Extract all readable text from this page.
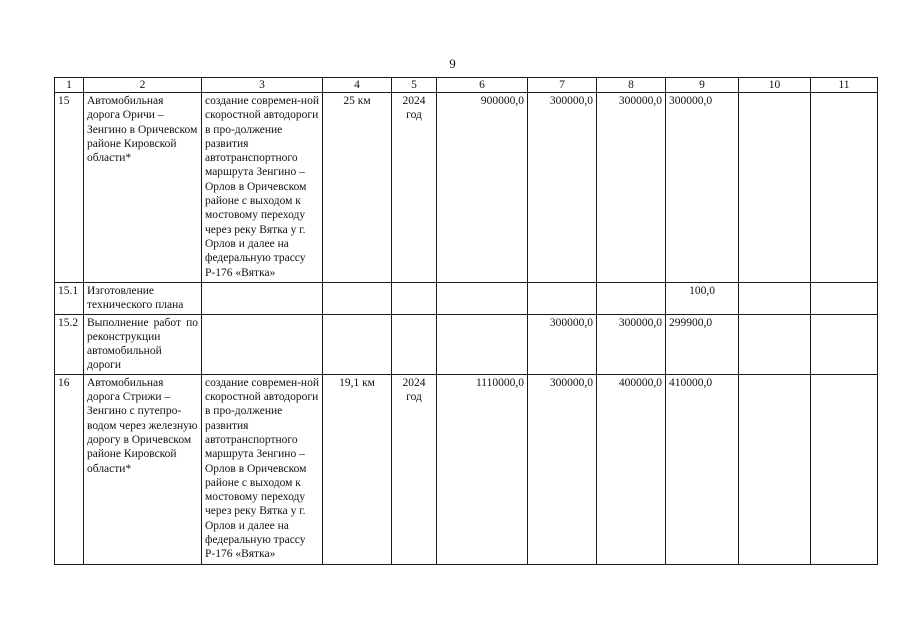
9
1	2	3	4	5	6	7	8	9	10	11
15	Автомобильная дорога Оричи – Зенгино в Оричевском районе Кировской области*	создание современ-ной скоростной автодороги в про-должение развития автотранспортного маршрута Зенгино – Орлов в Оричевском районе с выходом к мостовому переходу через реку Вятка у г. Орлов и далее на федеральную трассу Р-176 «Вятка»	25 км	2024 год	900000,0	300000,0	300000,0	300000,0		
15.1	Изготовление технического плана							100,0		
15.2	Выполнение работ по реконструкции автомобильной дороги					300000,0	300000,0	299900,0		
16	Автомобильная дорога Стрижи – Зенгино с путепро-водом через железную дорогу в Оричевском районе Кировской области*	создание современ-ной скоростной автодороги в про-должение развития автотранспортного маршрута Зенгино – Орлов в Оричевском районе с выходом к мостовому переходу через реку Вятка у г. Орлов и далее на федеральную трассу Р-176 «Вятка»	19,1 км	2024 год	1110000,0	300000,0	400000,0	410000,0		
